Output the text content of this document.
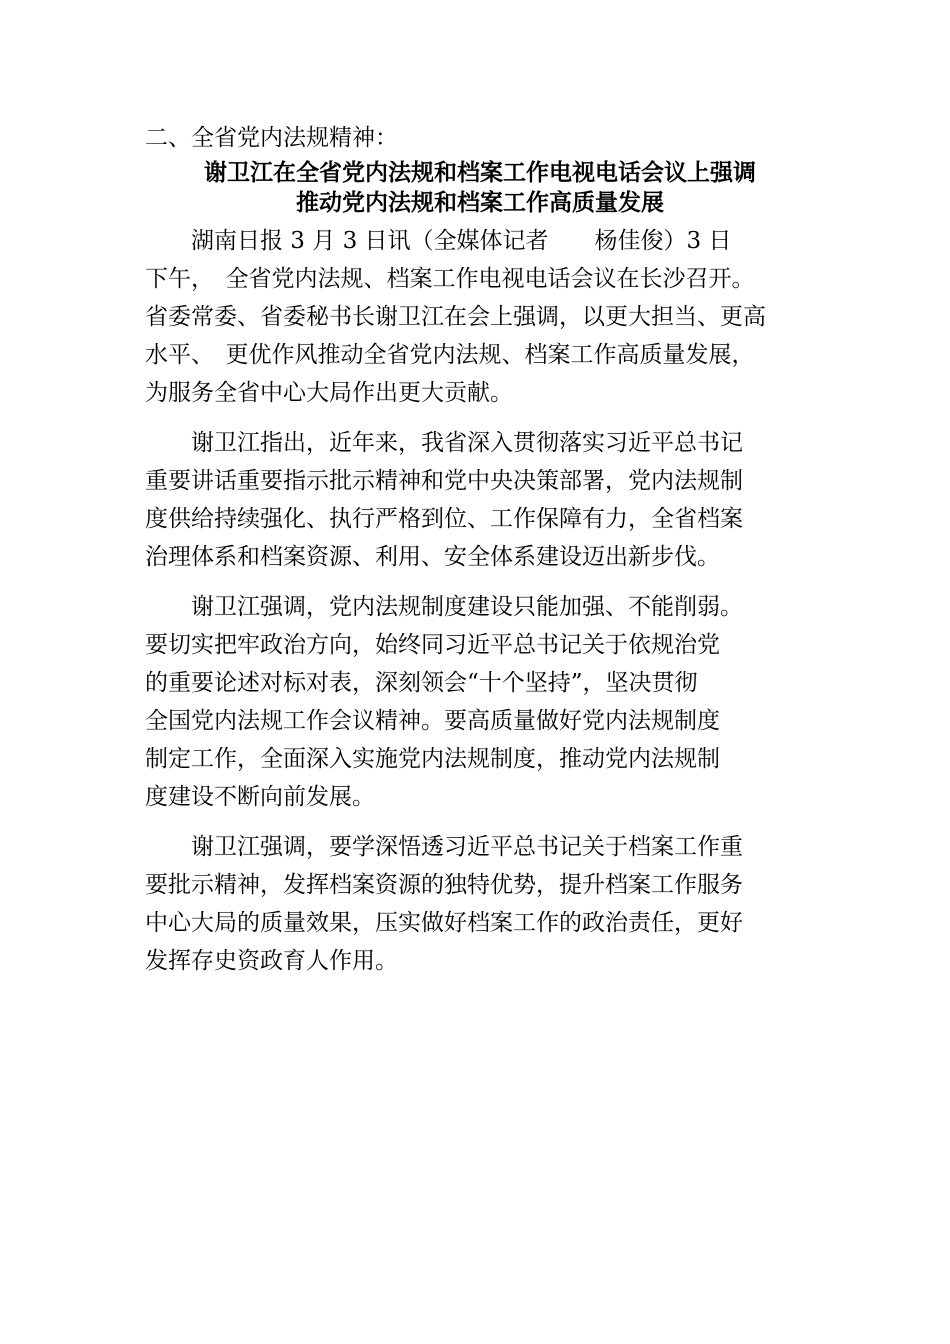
二、全省党内法规精神：
谢卫江在全省党内法规和档案工作电视电话会议上强调
推动党内法规和档案工作高质量发展
湖南日报 3 月 3 日讯（全媒体记者　　杨佳俊）3 日
下午，　全省党内法规、档案工作电视电话会议在长沙召开。
省委常委、省委秘书长谢卫江在会上强调，以更大担当、更高
水平、　更优作风推动全省党内法规、档案工作高质量发展，
为服务全省中心大局作出更大贡献。
谢卫江指出，近年来，我省深入贯彻落实习近平总书记
重要讲话重要指示批示精神和党中央决策部署，党内法规制
度供给持续强化、执行严格到位、工作保障有力，全省档案
治理体系和档案资源、利用、安全体系建设迈出新步伐。
谢卫江强调，党内法规制度建设只能加强、不能削弱。
要切实把牢政治方向，始终同习近平总书记关于依规治党
的重要论述对标对表，深刻领会“十个坚持”，坚决贯彻
全国党内法规工作会议精神。要高质量做好党内法规制度
制定工作，全面深入实施党内法规制度，推动党内法规制
度建设不断向前发展。
谢卫江强调，要学深悟透习近平总书记关于档案工作重
要批示精神，发挥档案资源的独特优势，提升档案工作服务
中心大局的质量效果，压实做好档案工作的政治责任，更好
发挥存史资政育人作用。
